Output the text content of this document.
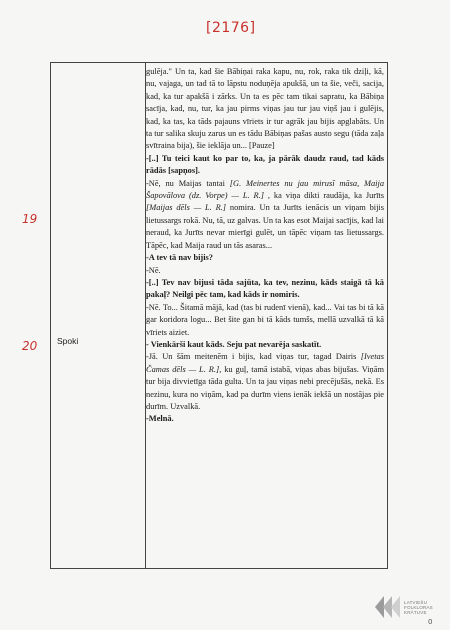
[2176]
19
20 Spoki

gulēja." Un ta, kad šie Bābiņai raka kapu, nu, rok, raka tik dziļi, kā, nu, vajaga, un tad tā to lāpstu noduņēja apukšā, un ta šie, veči, sacija, kad, ka tur apakšā i zārks. Un ta es pēc tam tikai sapratu, ka Bābiņa sacīja, kad, nu, tur, ka jau pirms viņas jau tur jau viņš jau i gulējis, kad, ka tas, ka tāds pajauns vīriets ir tur agrāk jau bijis apglabāts. Un ta tur salika skuju zarus un es tādu Bābiņas pašas austo segu (tāda zaļa svītraina bija), šie ieklāja un... [Pauze]

-[..] Tu teici kaut ko par to, ka, ja pārāk daudz raud, tad kāds rādās [sapņos].

-Nē, nu Maijas tantai [G. Meinertes nu jau mirusī māsa, Maija Šapovālova (dz. Vorpe) — L. R.] , ka viņa dikti raudāja, ka Jurīts [Maijas dēls — L. R.] nomira. Un ta Jurīts ienācis un viņam bijis lietussargs rokā. Nu, tā, uz galvas. Un ta kas esot Maijai sacījis, kad lai neraud, ka Jurīts nevar mierīgi gulēt, un tāpēc viņam tas lietussargs. Tāpēc, kad Maija raud un tās asaras...

-A tev tā nav bijis?

-Nē.

-[..] Tev nav bijusi tāda sajūta, ka tev, nezinu, kāds staigā tā kā pakaļ? Neilgi pēc tam, kad kāds ir nomiris.

-Nē. To... Šitamā mājā, kad (tas bi rudenī vienā), kad... Vai tas bi tā kā gar koridora logu... Bet šite gan bi tā kāds tumšs, mellā uzvalkā tā kā vīriets aiziet.

- Vienkārši kaut kāds. Seju pat nevarēja saskatīt.

-Jā. Un šām meitenēm i bijis, kad viņas tur, tagad Dairis [Ivetas Čamas dēls — L. R.], ku guļ, tamā istabā, viņas abas bijušas. Viņām tur bija divvietīga tāda gulta. Un ta jau viņas nebi precējušās, nekā. Es nezinu, kura no viņām, kad pa durīm viens ienāk iekšā un nostājas pie durīm. Uzvalkā.

-Melnā.

LATVIEŠU
FOLKLORAS
KRĀTUVE
0
